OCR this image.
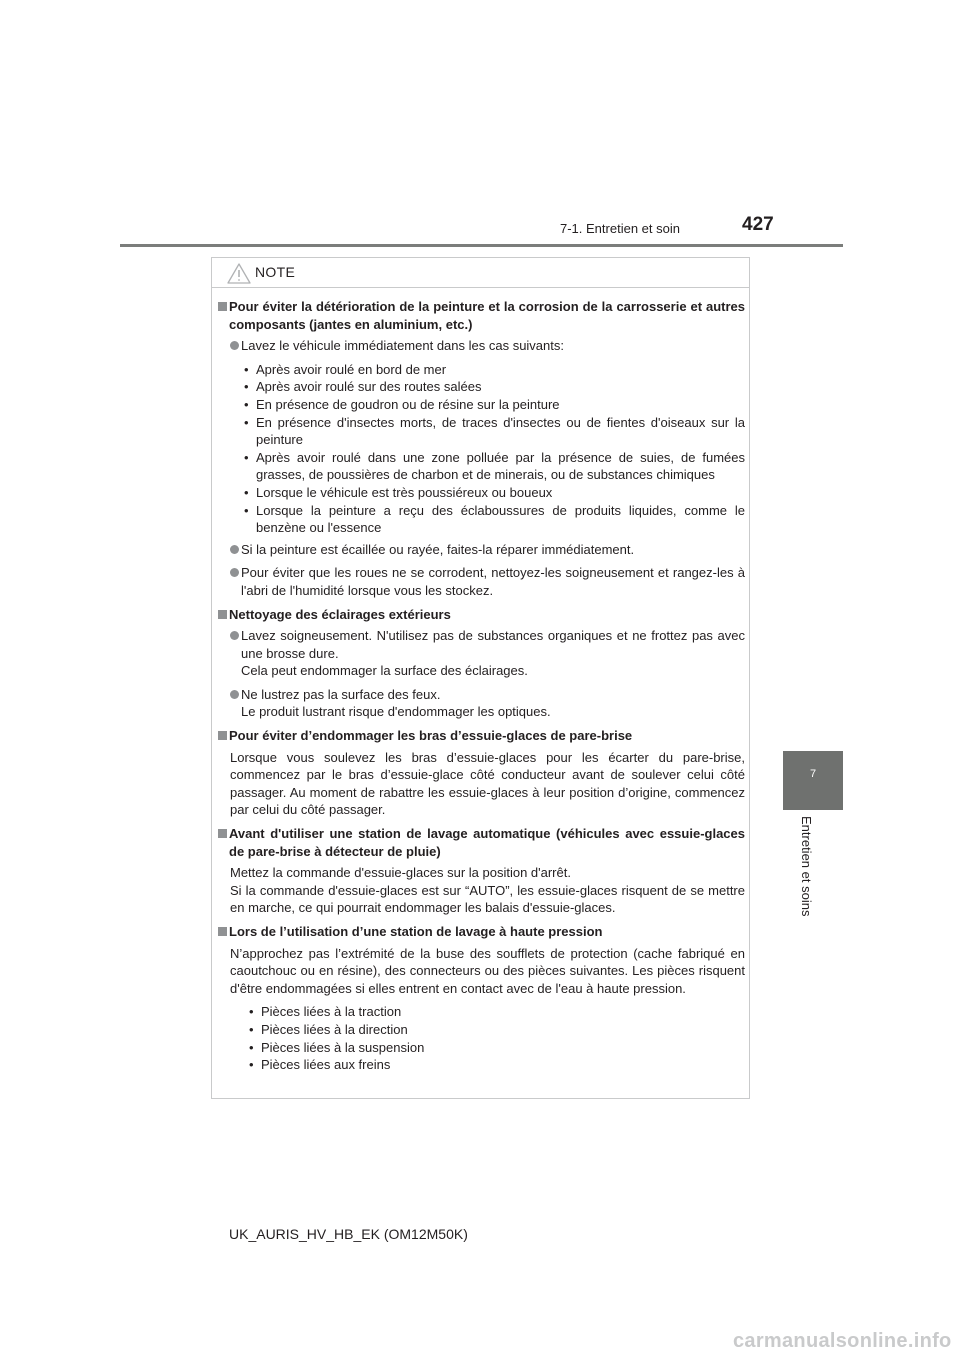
7-1. Entretien et soin	427
7
Entretien et soins
NOTE

Pour éviter la détérioration de la peinture et la corrosion de la carrosserie et autres composants (jantes en aluminium, etc.)

Lavez le véhicule immédiatement dans les cas suivants:

• Après avoir roulé en bord de mer
• Après avoir roulé sur des routes salées
• En présence de goudron ou de résine sur la peinture
• En présence d'insectes morts, de traces d'insectes ou de fientes d'oiseaux sur la peinture
• Après avoir roulé dans une zone polluée par la présence de suies, de fumées grasses, de poussières de charbon et de minerais, ou de substances chimiques
• Lorsque le véhicule est très poussiéreux ou boueux
• Lorsque la peinture a reçu des éclaboussures de produits liquides, comme le benzène ou l'essence

Si la peinture est écaillée ou rayée, faites-la réparer immédiatement.

Pour éviter que les roues ne se corrodent, nettoyez-les soigneusement et rangez-les à l'abri de l'humidité lorsque vous les stockez.

Nettoyage des éclairages extérieurs

Lavez soigneusement. N'utilisez pas de substances organiques et ne frottez pas avec une brosse dure.
Cela peut endommager la surface des éclairages.
Ne lustrez pas la surface des feux.
Le produit lustrant risque d'endommager les optiques.

Pour éviter d’endommager les bras d’essuie-glaces de pare-brise

Lorsque vous soulevez les bras d’essuie-glaces pour les écarter du pare-brise, commencez par le bras d’essuie-glace côté conducteur avant de soulever celui côté passager. Au moment de rabattre les essuie-glaces à leur position d’origine, commencez par celui du côté passager.

Avant d'utiliser une station de lavage automatique (véhicules avec essuie-glaces de pare-brise à détecteur de pluie)

Mettez la commande d'essuie-glaces sur la position d'arrêt.
Si la commande d'essuie-glaces est sur “AUTO”, les essuie-glaces risquent de se mettre en marche, ce qui pourrait endommager les balais d'essuie-glaces.

Lors de l’utilisation d’une station de lavage à haute pression

N’approchez pas l’extrémité de la buse des soufflets de protection (cache fabriqué en caoutchouc ou en résine), des connecteurs ou des pièces suivantes. Les pièces risquent d'être endommagées si elles entrent en contact avec de l'eau à haute pression.

• Pièces liées à la traction
• Pièces liées à la direction
• Pièces liées à la suspension
• Pièces liées aux freins
UK_AURIS_HV_HB_EK (OM12M50K)
carmanualsonline.info
